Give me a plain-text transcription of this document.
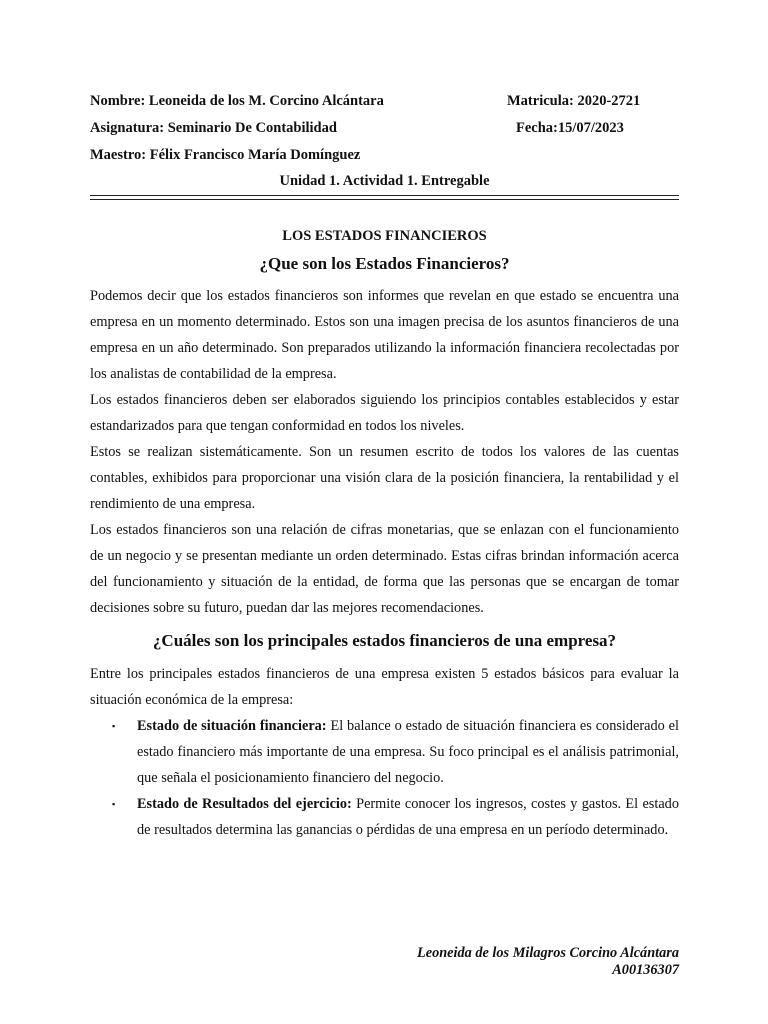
Nombre: Leoneida de los M. Corcino Alcántara	Matricula: 2020-2721
Asignatura: Seminario De Contabilidad	Fecha:15/07/2023
Maestro: Félix Francisco María Domínguez
Unidad 1. Actividad 1. Entregable
LOS ESTADOS FINANCIEROS
¿Que son los Estados Financieros?

Podemos decir que los estados financieros son informes que revelan en que estado se encuentra una empresa en un momento determinado. Estos son una imagen precisa de los asuntos financieros de una empresa en un año determinado. Son preparados utilizando la información financiera recolectadas por los analistas de contabilidad de la empresa.

Los estados financieros deben ser elaborados siguiendo los principios contables establecidos y estar estandarizados para que tengan conformidad en todos los niveles.

Estos se realizan sistemáticamente. Son un resumen escrito de todos los valores de las cuentas contables, exhibidos para proporcionar una visión clara de la posición financiera, la rentabilidad y el rendimiento de una empresa.

Los estados financieros son una relación de cifras monetarias, que se enlazan con el funcionamiento de un negocio y se presentan mediante un orden determinado. Estas cifras brindan información acerca del funcionamiento y situación de la entidad, de forma que las personas que se encargan de tomar decisiones sobre su futuro, puedan dar las mejores recomendaciones.

¿Cuáles son los principales estados financieros de una empresa?

Entre los principales estados financieros de una empresa existen 5 estados básicos para evaluar la situación económica de la empresa:

▪ Estado de situación financiera: El balance o estado de situación financiera es considerado el estado financiero más importante de una empresa. Su foco principal es el análisis patrimonial, que señala el posicionamiento financiero del negocio.
▪ Estado de Resultados del ejercicio: Permite conocer los ingresos, costes y gastos. El estado de resultados determina las ganancias o pérdidas de una empresa en un período determinado.
Leoneida de los Milagros Corcino Alcántara
A00136307
